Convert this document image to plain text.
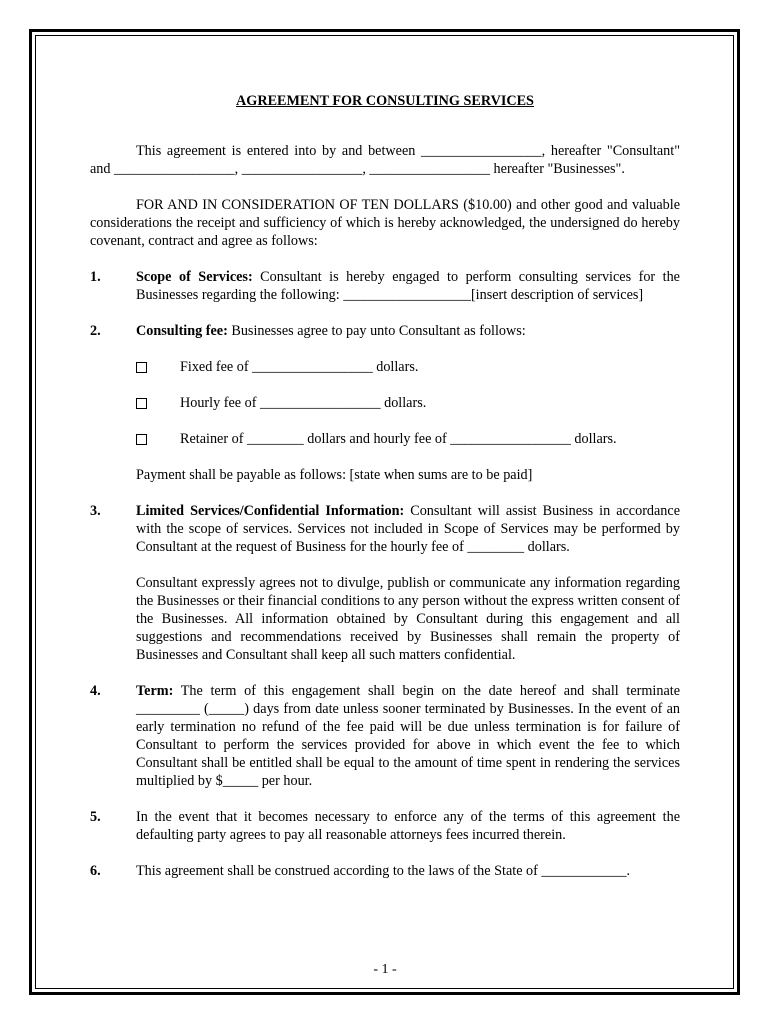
AGREEMENT FOR CONSULTING SERVICES

This agreement is entered into by and between _________________, hereafter "Consultant" and _________________, _________________, _________________ hereafter "Businesses".

FOR AND IN CONSIDERATION OF TEN DOLLARS ($10.00) and other good and valuable considerations the receipt and sufficiency of which is hereby acknowledged, the undersigned do hereby covenant, contract and agree as follows:

1.	Scope of Services: Consultant is hereby engaged to perform consulting services for the Businesses regarding the following: __________________[insert description of services]
2.	Consulting fee: Businesses agree to pay unto Consultant as follows:
Fixed fee of _________________ dollars.
Hourly fee of _________________ dollars.
Retainer of ________ dollars and hourly fee of _________________ dollars.

Payment shall be payable as follows: [state when sums are to be paid]

3.	Limited Services/Confidential Information: Consultant will assist Business in accordance with the scope of services. Services not included in Scope of Services may be performed by Consultant at the request of Business for the hourly fee of ________ dollars.

Consultant expressly agrees not to divulge, publish or communicate any information regarding the Businesses or their financial conditions to any person without the express written consent of the Businesses. All information obtained by Consultant during this engagement and all suggestions and recommendations received by Businesses shall remain the property of Businesses and Consultant shall keep all such matters confidential.

4.	Term: The term of this engagement shall begin on the date hereof and shall terminate _________ (_____) days from date unless sooner terminated by Businesses. In the event of an early termination no refund of the fee paid will be due unless termination is for failure of Consultant to perform the services provided for above in which event the fee to which Consultant shall be entitled shall be equal to the amount of time spent in rendering the services multiplied by $_____ per hour.
5.	In the event that it becomes necessary to enforce any of the terms of this agreement the defaulting party agrees to pay all reasonable attorneys fees incurred therein.
6.	This agreement shall be construed according to the laws of the State of ____________.
- 1 -
